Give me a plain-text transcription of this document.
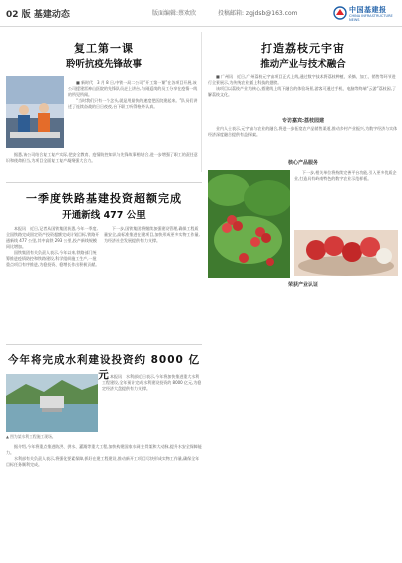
02 版 基建动态	版面编辑:蔡欢欣	投稿邮箱: zgjdsb@163.com	中国基建报
CHINA INFRASTRUCTURE NEWS
复工第一课
聆听抗疫先锋故事

■ 新时代　3 月 8 日,中铁一局二公司“开工第一课”在各项目开展,该公司援建雷神山医院的先锋队员走上讲台,与刚返岗的员工分享在疫情一线的所见所闻。

“当时我们只有一个念头,就是用最快的速度把医院建起来。”队员们讲述了连续奋战的日日夜夜,台下职工听得格外认真。

据悉,该公司结合复工复产实际,把安全教育、疫情防控知识与先锋故事相结合,进一步增强了职工的责任意识和使命担当,为项目全面复工复产凝聚强大合力。

打造荔枝元宇宙
推动产业与技术融合

■ 广州讯　近日,广州荔枝元宇宙项目正式上线,通过数字技术将荔枝种植、采摘、加工、销售等环节进行全景展示,为传统农业插上科技的翅膀。

该项目以荔枝产业为核心,搭建线上线下融合的体验场景,游客可通过手机、电脑等终端“云游”荔枝园,了解荔枝文化。

专访嘉宾:荔枝园建

业内人士表示,元宇宙与农业的融合,将进一步拓宽农产品销售渠道,推动乡村产业振兴,为数字经济与实体经济深度融合提供有益探索。

核心产品服务

下一步,相关单位将持续完善平台功能,引入更多优质企业,打造具有岭南特色的数字农业示范样板。

荣获产业认证
一季度铁路基建投资超额完成
开通新线 477 公里

本报讯　近日,记者从国铁集团获悉,今年一季度,全国铁路完成固定资产投资超额完成计划目标,铁路开通新线 477 公里,其中高铁 293 公里,投产新线规模同比增加。

国铁集团有关负责人表示,今年以来,铁路部门统筹推进疫情防控和铁路建设,科学组织施工生产,一批重点项目有序推进,为稳投资、稳增长作出积极贡献。

下一步,国铁集团将继续加强建设管理,确保工程质量安全,高标准推进在建项目,加快形成更多实物工作量,为经济社会发展提供有力支撑。

今年将完成水利建设投资约 8000 亿元
▲ 图为某水利工程施工现场。

本报讯　水利部近日表示,今年将加快推进重大水利工程建设,全年预计完成水利建设投资约 8000 亿元,为稳定经济大盘提供有力支撑。

据介绍,今年将重点推进防洪、供水、灌溉等重大工程,加快构建国家水网主骨架和大动脉,提升水安全保障能力。

水利部有关负责人表示,将强化要素保障,抓好在建工程建设,推动新开工项目尽快形成实物工作量,确保全年目标任务顺利完成。
